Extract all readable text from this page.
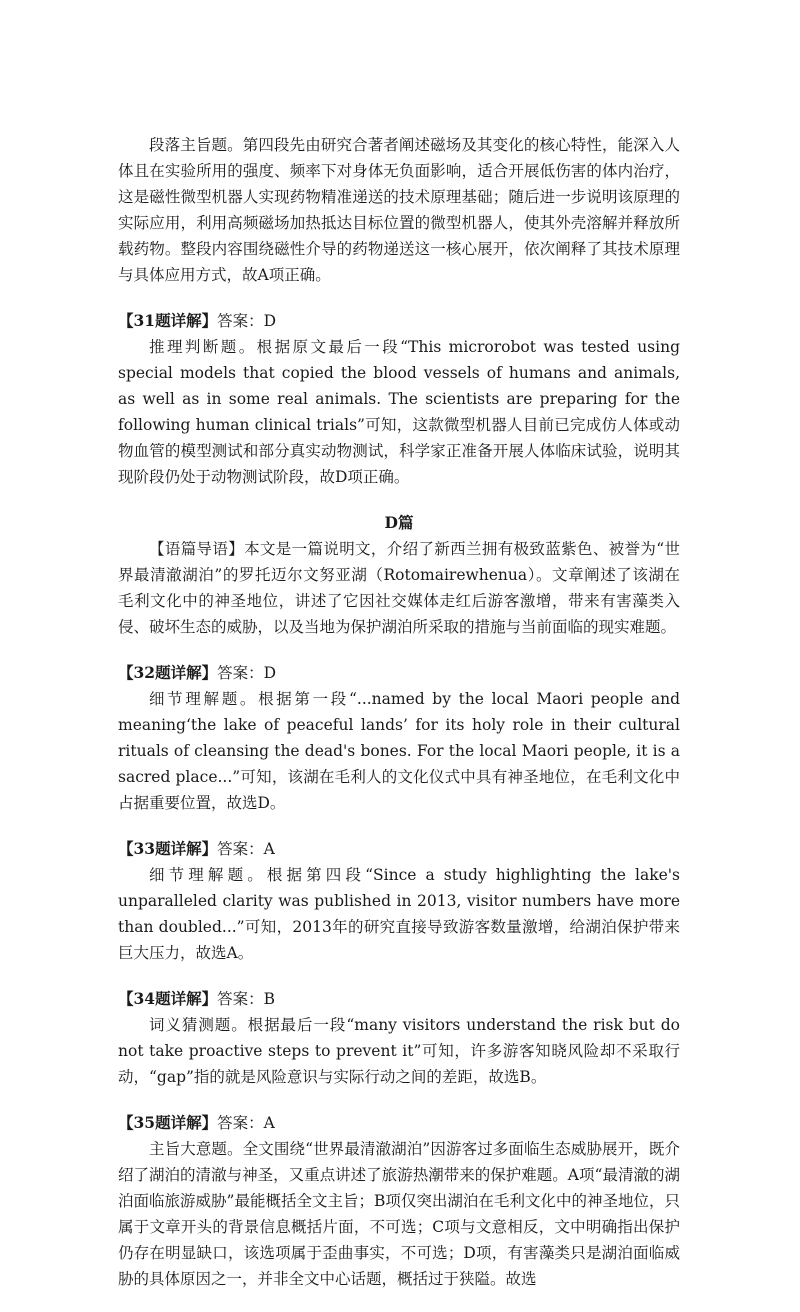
段落主旨题。第四段先由研究合著者阐述磁场及其变化的核心特性，能深入人体且在实验所用的强度、频率下对身体无负面影响，适合开展低伤害的体内治疗，这是磁性微型机器人实现药物精准递送的技术原理基础；随后进一步说明该原理的实际应用，利用高频磁场加热抵达目标位置的微型机器人，使其外壳溶解并释放所载药物。整段内容围绕磁性介导的药物递送这一核心展开，依次阐释了其技术原理与具体应用方式，故A项正确。

【31题详解】答案：D

推理判断题。根据原文最后一段“This microrobot was tested using special models that copied the blood vessels of humans and animals, as well as in some real animals. The scientists are preparing for the following human clinical trials”可知，这款微型机器人目前已完成仿人体或动物血管的模型测试和部分真实动物测试，科学家正准备开展人体临床试验，说明其现阶段仍处于动物测试阶段，故D项正确。

D篇

【语篇导语】本文是一篇说明文，介绍了新西兰拥有极致蓝紫色、被誉为“世界最清澈湖泊”的罗托迈尔文努亚湖（Rotomairewhenua）。文章阐述了该湖在毛利文化中的神圣地位，讲述了它因社交媒体走红后游客激增，带来有害藻类入侵、破坏生态的威胁，以及当地为保护湖泊所采取的措施与当前面临的现实难题。

【32题详解】答案：D

细节理解题。根据第一段“...named by the local Maori people and meaning‘the lake of peaceful lands’ for its holy role in their cultural rituals of cleansing the dead's bones. For the local Maori people, it is a sacred place...”可知，该湖在毛利人的文化仪式中具有神圣地位，在毛利文化中占据重要位置，故选D。

【33题详解】答案：A

细节理解题。根据第四段“Since a study highlighting the lake's unparalleled clarity was published in 2013, visitor numbers have more than doubled...”可知，2013年的研究直接导致游客数量激增，给湖泊保护带来巨大压力，故选A。

【34题详解】答案：B

词义猜测题。根据最后一段“many visitors understand the risk but do not take proactive steps to prevent it”可知，许多游客知晓风险却不采取行动，“gap”指的就是风险意识与实际行动之间的差距，故选B。

【35题详解】答案：A

主旨大意题。全文围绕“世界最清澈湖泊”因游客过多面临生态威胁展开，既介绍了湖泊的清澈与神圣，又重点讲述了旅游热潮带来的保护难题。A项“最清澈的湖泊面临旅游威胁”最能概括全文主旨；B项仅突出湖泊在毛利文化中的神圣地位，只属于文章开头的背景信息概括片面，不可选；C项与文意相反，文中明确指出保护仍存在明显缺口，该选项属于歪曲事实，不可选；D项，有害藻类只是湖泊面临威胁的具体原因之一，并非全文中心话题，概括过于狭隘。故选
